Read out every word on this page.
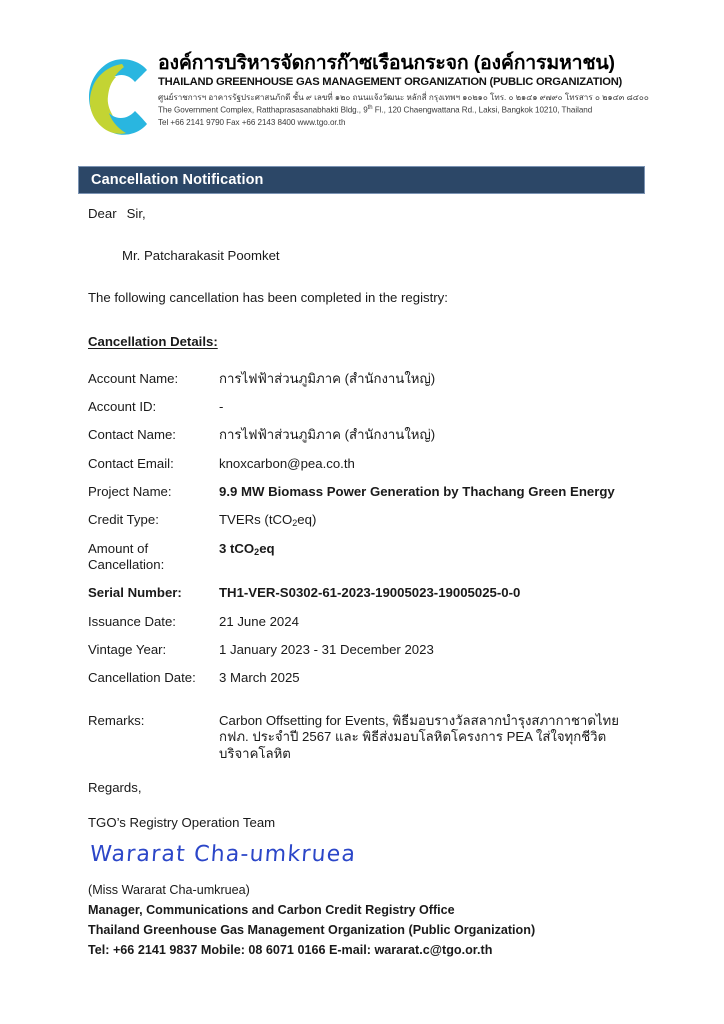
องค์การบริหารจัดการก๊าซเรือนกระจก (องค์การมหาชน)
THAILAND GREENHOUSE GAS MANAGEMENT ORGANIZATION (PUBLIC ORGANIZATION)
ศูนย์ราชการฯ อาคารรัฐประศาสนภักดี ชั้น ๙ เลขที่ ๑๒๐ ถนนแจ้งวัฒนะ หลักสี่ กรุงเทพฯ ๑๐๒๑๐ โทร. ๐ ๒๑๔๑ ๙๗๙๐ โทรสาร ๐ ๒๑๔๓ ๘๔๐๐
The Government Complex, Ratthaprasasanabhakti Bldg., 9th Fl., 120 Chaengwattana Rd., Laksi, Bangkok 10210, Thailand
Tel +66 2141 9790 Fax +66 2143 8400 www.tgo.or.th
Cancellation Notification

Dear Sir,

Mr. Patcharakasit Poomket

The following cancellation has been completed in the registry:

Cancellation Details:

Account Name:	การไฟฟ้าส่วนภูมิภาค (สำนักงานใหญ่)
Account ID:	-
Contact Name:	การไฟฟ้าส่วนภูมิภาค (สำนักงานใหญ่)
Contact Email:	knoxcarbon@pea.co.th
Project Name:	9.9 MW Biomass Power Generation by Thachang Green Energy
Credit Type:	TVERs (tCO$_2$eq)
Amount of
Cancellation:	3 tCO$_2$eq
Serial Number:	TH1-VER-S0302-61-2023-19005023-19005025-0-0
Issuance Date:	21 June 2024
Vintage Year:	1 January 2023 - 31 December 2023
Cancellation Date:	3 March 2025
Remarks:	Carbon Offsetting for Events, พิธีมอบรางวัลสลากบำรุงสภากาชาดไทย กฟภ. ประจำปี 2567 และ พิธีส่งมอบโลหิตโครงการ PEA ใส่ใจทุกชีวิต บริจาคโลหิต

Regards,

TGO’s Registry Operation Team

Wararat Cha-umkruea
(Miss Wararat Cha-umkruea)
Manager, Communications and Carbon Credit Registry Office
Thailand Greenhouse Gas Management Organization (Public Organization)
Tel: +66 2141 9837 Mobile: 08 6071 0166 E-mail: wararat.c@tgo.or.th
